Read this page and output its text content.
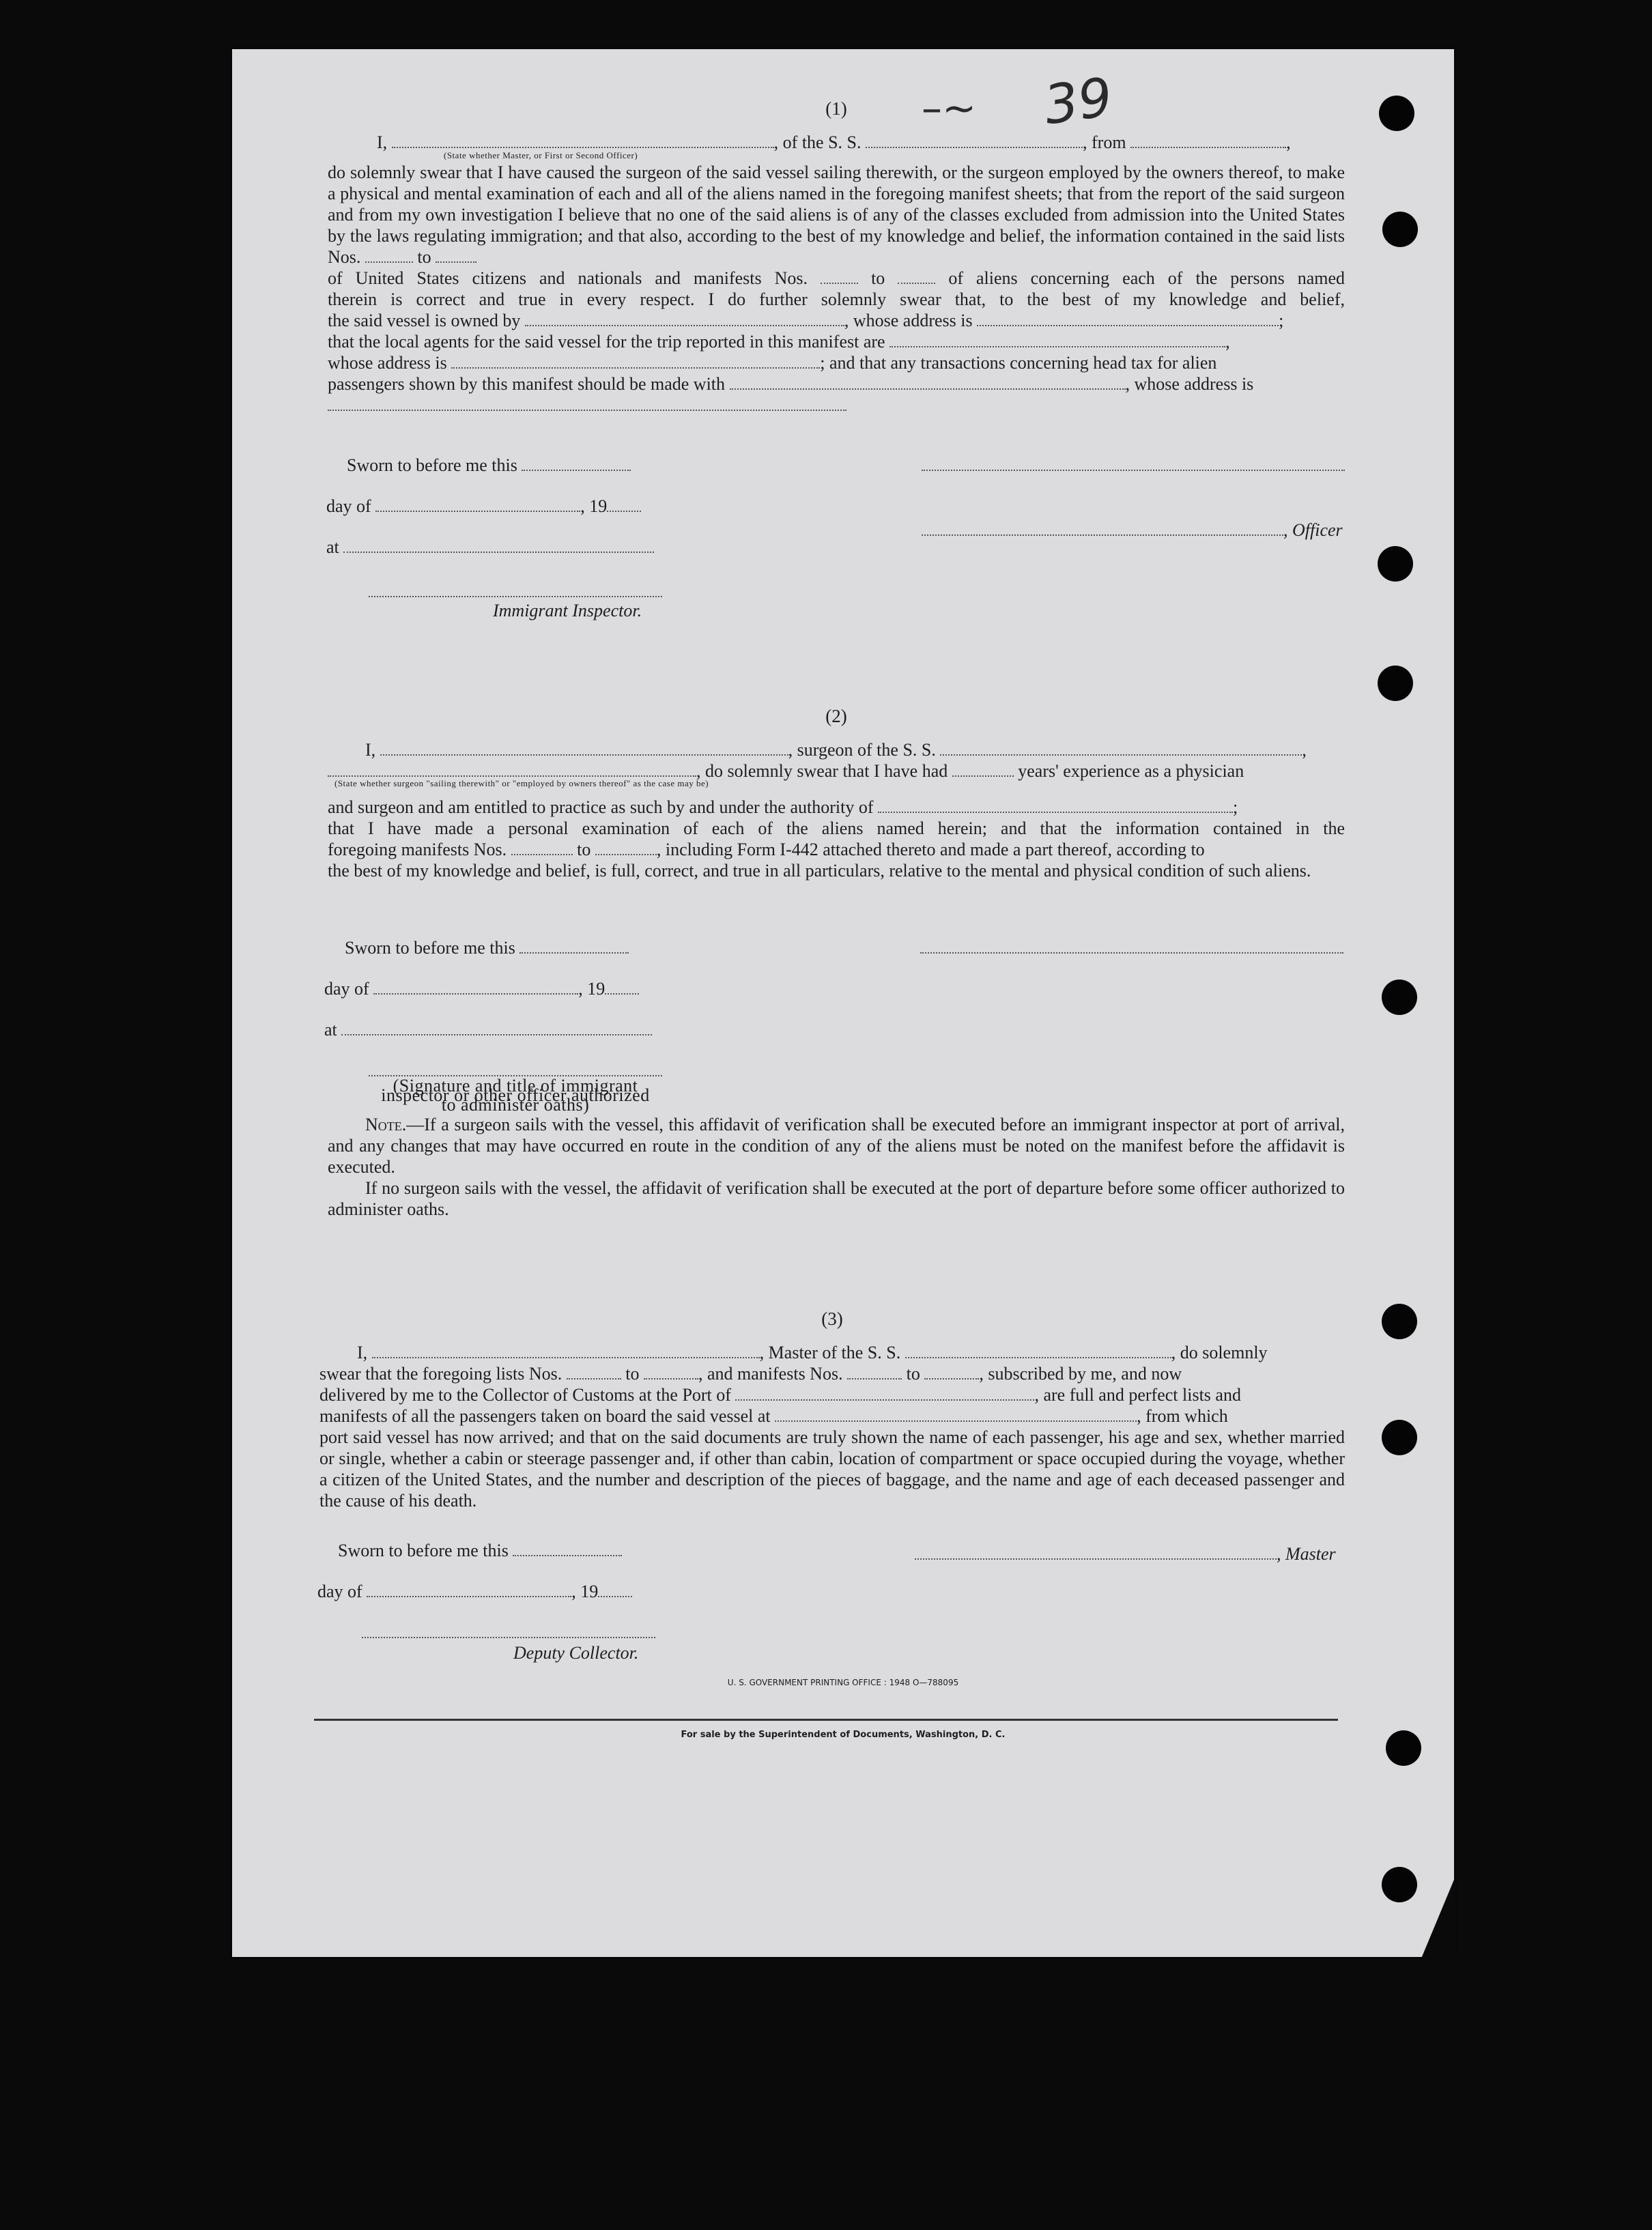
–~ 39
(1)
I,	, of the S. S.	, from	,
(State whether Master, or First or Second Officer)
do solemnly swear that I have caused the surgeon of the said vessel sailing therewith, or the surgeon employed by the owners thereof, to make a physical and mental examination of each and all of the aliens named in the foregoing manifest sheets; that from the report of the said surgeon and from my own investigation I believe that no one of the said aliens is of any of the classes excluded from admission into the United States by the laws regulating immigration; and that also, according to the best of my knowledge and belief, the information contained in the said lists Nos.	to
of United States citizens and nationals and manifests Nos.	to	of aliens concerning each of the persons named
therein is correct and true in every respect. I do further solemnly swear that, to the best of my knowledge and belief,
the said vessel is owned by	, whose address is	;
that the local agents for the said vessel for the trip reported in this manifest are	,
whose address is	; and that any transactions concerning head tax for alien
passengers shown by this manifest should be made with	, whose address is
Sworn to before me this
day of	, 19
, Officer
at
Immigrant Inspector.
(2)
I,	, surgeon of the S. S.	,
, do solemnly swear that I have had	years' experience as a physician
(State whether surgeon "sailing therewith" or "employed by owners thereof" as the case may be)
and surgeon and am entitled to practice as such by and under the authority of	;
that I have made a personal examination of each of the aliens named herein; and that the information contained in the
foregoing manifests Nos.	to	, including Form I-442 attached thereto and made a part thereof, according to
the best of my knowledge and belief, is full, correct, and true in all particulars, relative to the mental and physical condition of such aliens.
Sworn to before me this
day of	, 19
at
(Signature and title of immigrant inspector or other officer authorized to administer oaths)
Note.—If a surgeon sails with the vessel, this affidavit of verification shall be executed before an immigrant inspector at port of arrival, and any changes that may have occurred en route in the condition of any of the aliens must be noted on the manifest before the affidavit is executed.
If no surgeon sails with the vessel, the affidavit of verification shall be executed at the port of departure before some officer authorized to administer oaths.
(3)
I,	, Master of the S. S.	, do solemnly
swear that the foregoing lists Nos.	to	, and manifests Nos.	to	, subscribed by me, and now
delivered by me to the Collector of Customs at the Port of	, are full and perfect lists and
manifests of all the passengers taken on board the said vessel at	, from which
port said vessel has now arrived; and that on the said documents are truly shown the name of each passenger, his age and sex, whether married or single, whether a cabin or steerage passenger and, if other than cabin, location of compartment or space occupied during the voyage, whether a citizen of the United States, and the number and description of the pieces of baggage, and the name and age of each deceased passenger and the cause of his death.
Sworn to before me this	, Master
day of	, 19
Deputy Collector.
U. S. GOVERNMENT PRINTING OFFICE : 1948 O—788095
For sale by the Superintendent of Documents, Washington, D. C.
